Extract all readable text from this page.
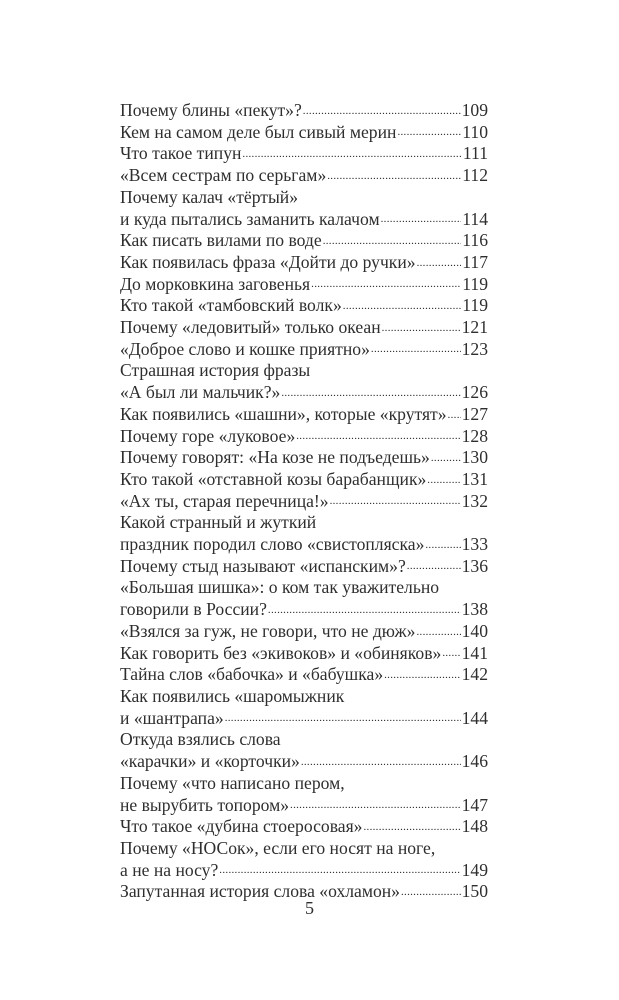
Почему блины «пекут»? .....	109
Кем на самом деле был сивый мерин .....	110
Что такое типун .....	111
«Всем сестрам по серьгам» .....	112
Почему калач «тёртый»
и куда пытались заманить калачом .....	114
Как писать вилами по воде .....	116
Как появилась фраза «Дойти до ручки» .....	117
До морковкина заговенья .....	119
Кто такой «тамбовский волк» .....	119
Почему «ледовитый» только океан .....	121
«Доброе слово и кошке приятно» .....	123
Страшная история фразы
«А был ли мальчик?» .....	126
Как появились «шашни», которые «крутят» ..... 127
Почему горе «луковое» .....	128
Почему говорят: «На козе не подъедешь» ..... 130
Кто такой «отставной козы барабанщик» ..... 131
«Ах ты, старая перечница!» .....	132
Какой странный и жуткий
праздник породил слово «свистопляска» ..... 133
Почему стыд называют «испанским»? .....	136
«Большая шишка»: о ком так уважительно
говорили в России? .....	138
«Взялся за гуж, не говори, что не дюж» .....	140
Как говорить без «экивоков» и «обиняков» ..... 141
Тайна слов «бабочка» и «бабушка» .....	142
Как появились «шаромыжник
и «шантрапа» .....	144
Откуда взялись слова
«карачки» и «корточки» .....	146
Почему «что написано пером,
не вырубить топором» .....	147
Что такое «дубина стоеросовая» .....	148
Почему «НОСок», если его носят на ноге,
а не на носу? .....	149
Запутанная история слова «охламон» .....	150
5
